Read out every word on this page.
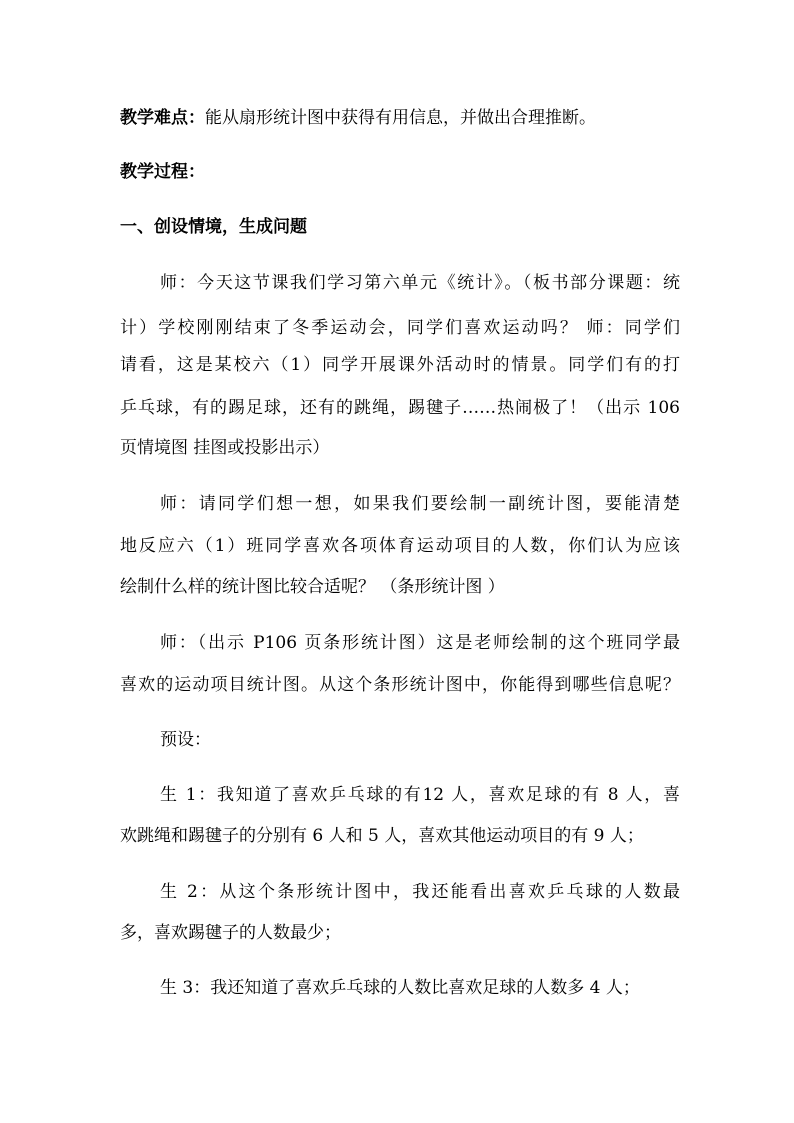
教学难点：能从扇形统计图中获得有用信息，并做出合理推断。
教学过程：
一、创设情境，生成问题
师：今天这节课我们学习第六单元《统计》。（板书部分课题：统
计）学校刚刚结束了冬季运动会，同学们喜欢运动吗？ 师：同学们
请看，这是某校六（1）同学开展课外活动时的情景。同学们有的打
乒乓球，有的踢足球，还有的跳绳，踢毽子……热闹极了！（出示 106
页情境图 挂图或投影出示）
师：请同学们想一想，如果我们要绘制一副统计图，要能清楚
地反应六（1）班同学喜欢各项体育运动项目的人数，你们认为应该
绘制什么样的统计图比较合适呢？ （条形统计图 ）
师：（出示 P106 页条形统计图）这是老师绘制的这个班同学最
喜欢的运动项目统计图。从这个条形统计图中，你能得到哪些信息呢？
预设：
生 1：我知道了喜欢乒乓球的有12 人，喜欢足球的有 8 人，喜
欢跳绳和踢毽子的分别有 6 人和 5 人，喜欢其他运动项目的有 9 人；
生 2：从这个条形统计图中，我还能看出喜欢乒乓球的人数最
多，喜欢踢毽子的人数最少；
生 3：我还知道了喜欢乒乓球的人数比喜欢足球的人数多 4 人；
